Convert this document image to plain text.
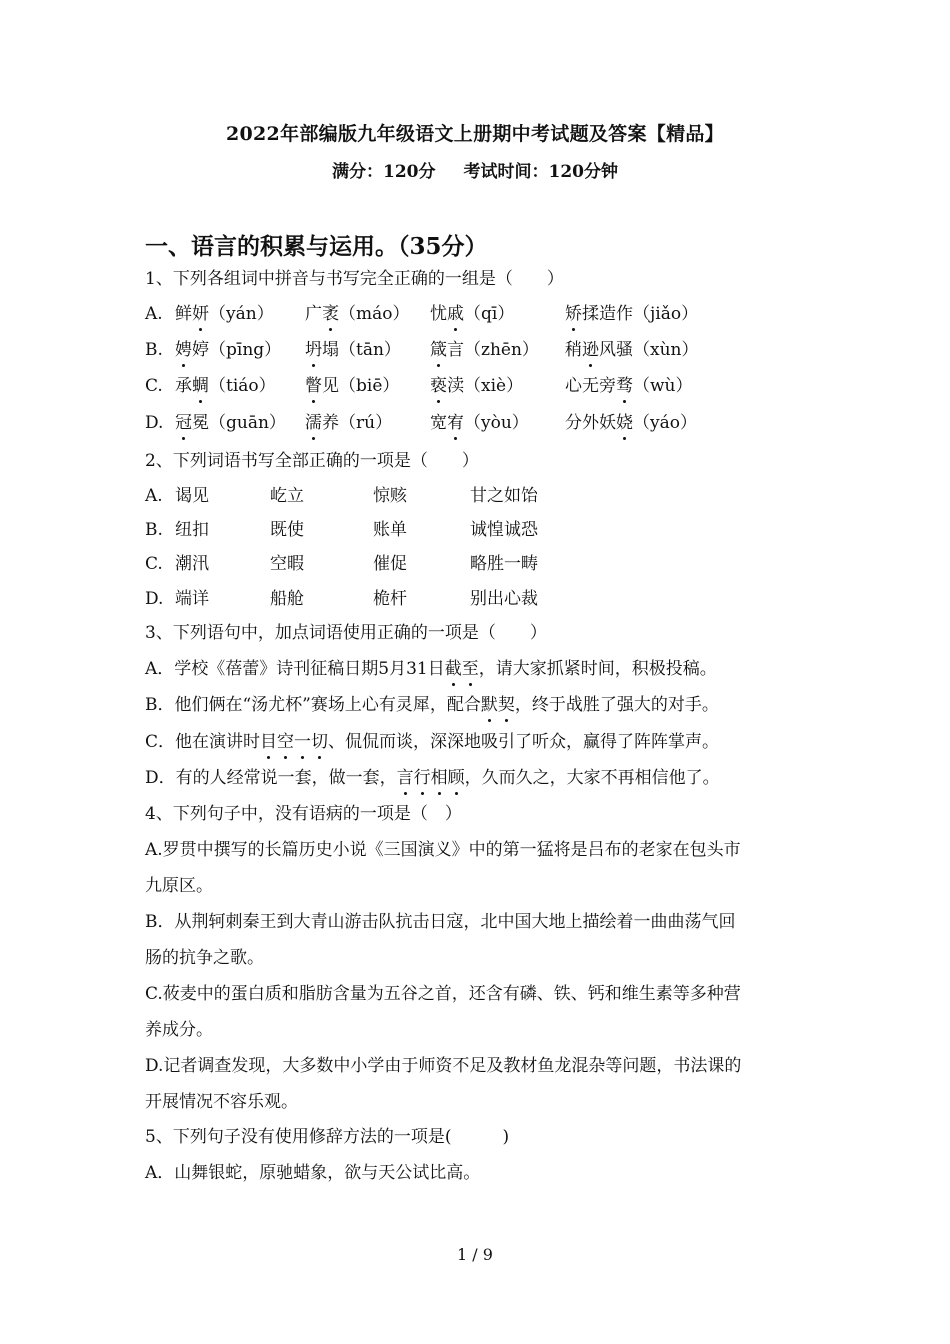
2022年部编版九年级语文上册期中考试题及答案【精品】
满分：120分 考试时间：120分钟
一、语言的积累与运用。（35分）
1、下列各组词中拼音与书写完全正确的一组是（　　）
A. 鲜妍（yán） 广袤（máo） 忧戚（qī）	矫揉造作（jiǎo）
B. 娉婷（pīng） 坍塌（tān） 箴言（zhēn） 稍逊风骚（xùn）
C. 承蜩（tiáo） 瞥见（biē） 亵渎（xiè） 心无旁骛（wù）
D. 冠冕（guān） 濡养（rú） 宽宥（yòu） 分外妖娆（yáo）
2、下列词语书写全部正确的一项是（　　）
A. 谒见	屹立	惊赅	甘之如饴
B. 纽扣	既使	账单	诚惶诚恐
C. 潮汛	空暇	催促	略胜一畴
D. 端详	船舱	桅杆	别出心裁
3、下列语句中，加点词语使用正确的一项是（　　）
A．学校《蓓蕾》诗刊征稿日期5月31日截至，请大家抓紧时间，积极投稿。
B．他们俩在“汤尤杯”赛场上心有灵犀，配合默契，终于战胜了强大的对手。
C．他在演讲时目空一切、侃侃而谈，深深地吸引了听众，赢得了阵阵掌声。
D．有的人经常说一套，做一套，言行相顾，久而久之，大家不再相信他了。
4、下列句子中，没有语病的一项是（　）
A.罗贯中撰写的长篇历史小说《三国演义》中的第一猛将是吕布的老家在包头市
九原区。
B．从荆轲刺秦王到大青山游击队抗击日寇，北中国大地上描绘着一曲曲荡气回
肠的抗争之歌。
C.莜麦中的蛋白质和脂肪含量为五谷之首，还含有磷、铁、钙和维生素等多种营
养成分。
D.记者调查发现，大多数中小学由于师资不足及教材鱼龙混杂等问题，书法课的
开展情况不容乐观。
5、下列句子没有使用修辞方法的一项是(　　　)
A．山舞银蛇，原驰蜡象，欲与天公试比高。
1 / 9
